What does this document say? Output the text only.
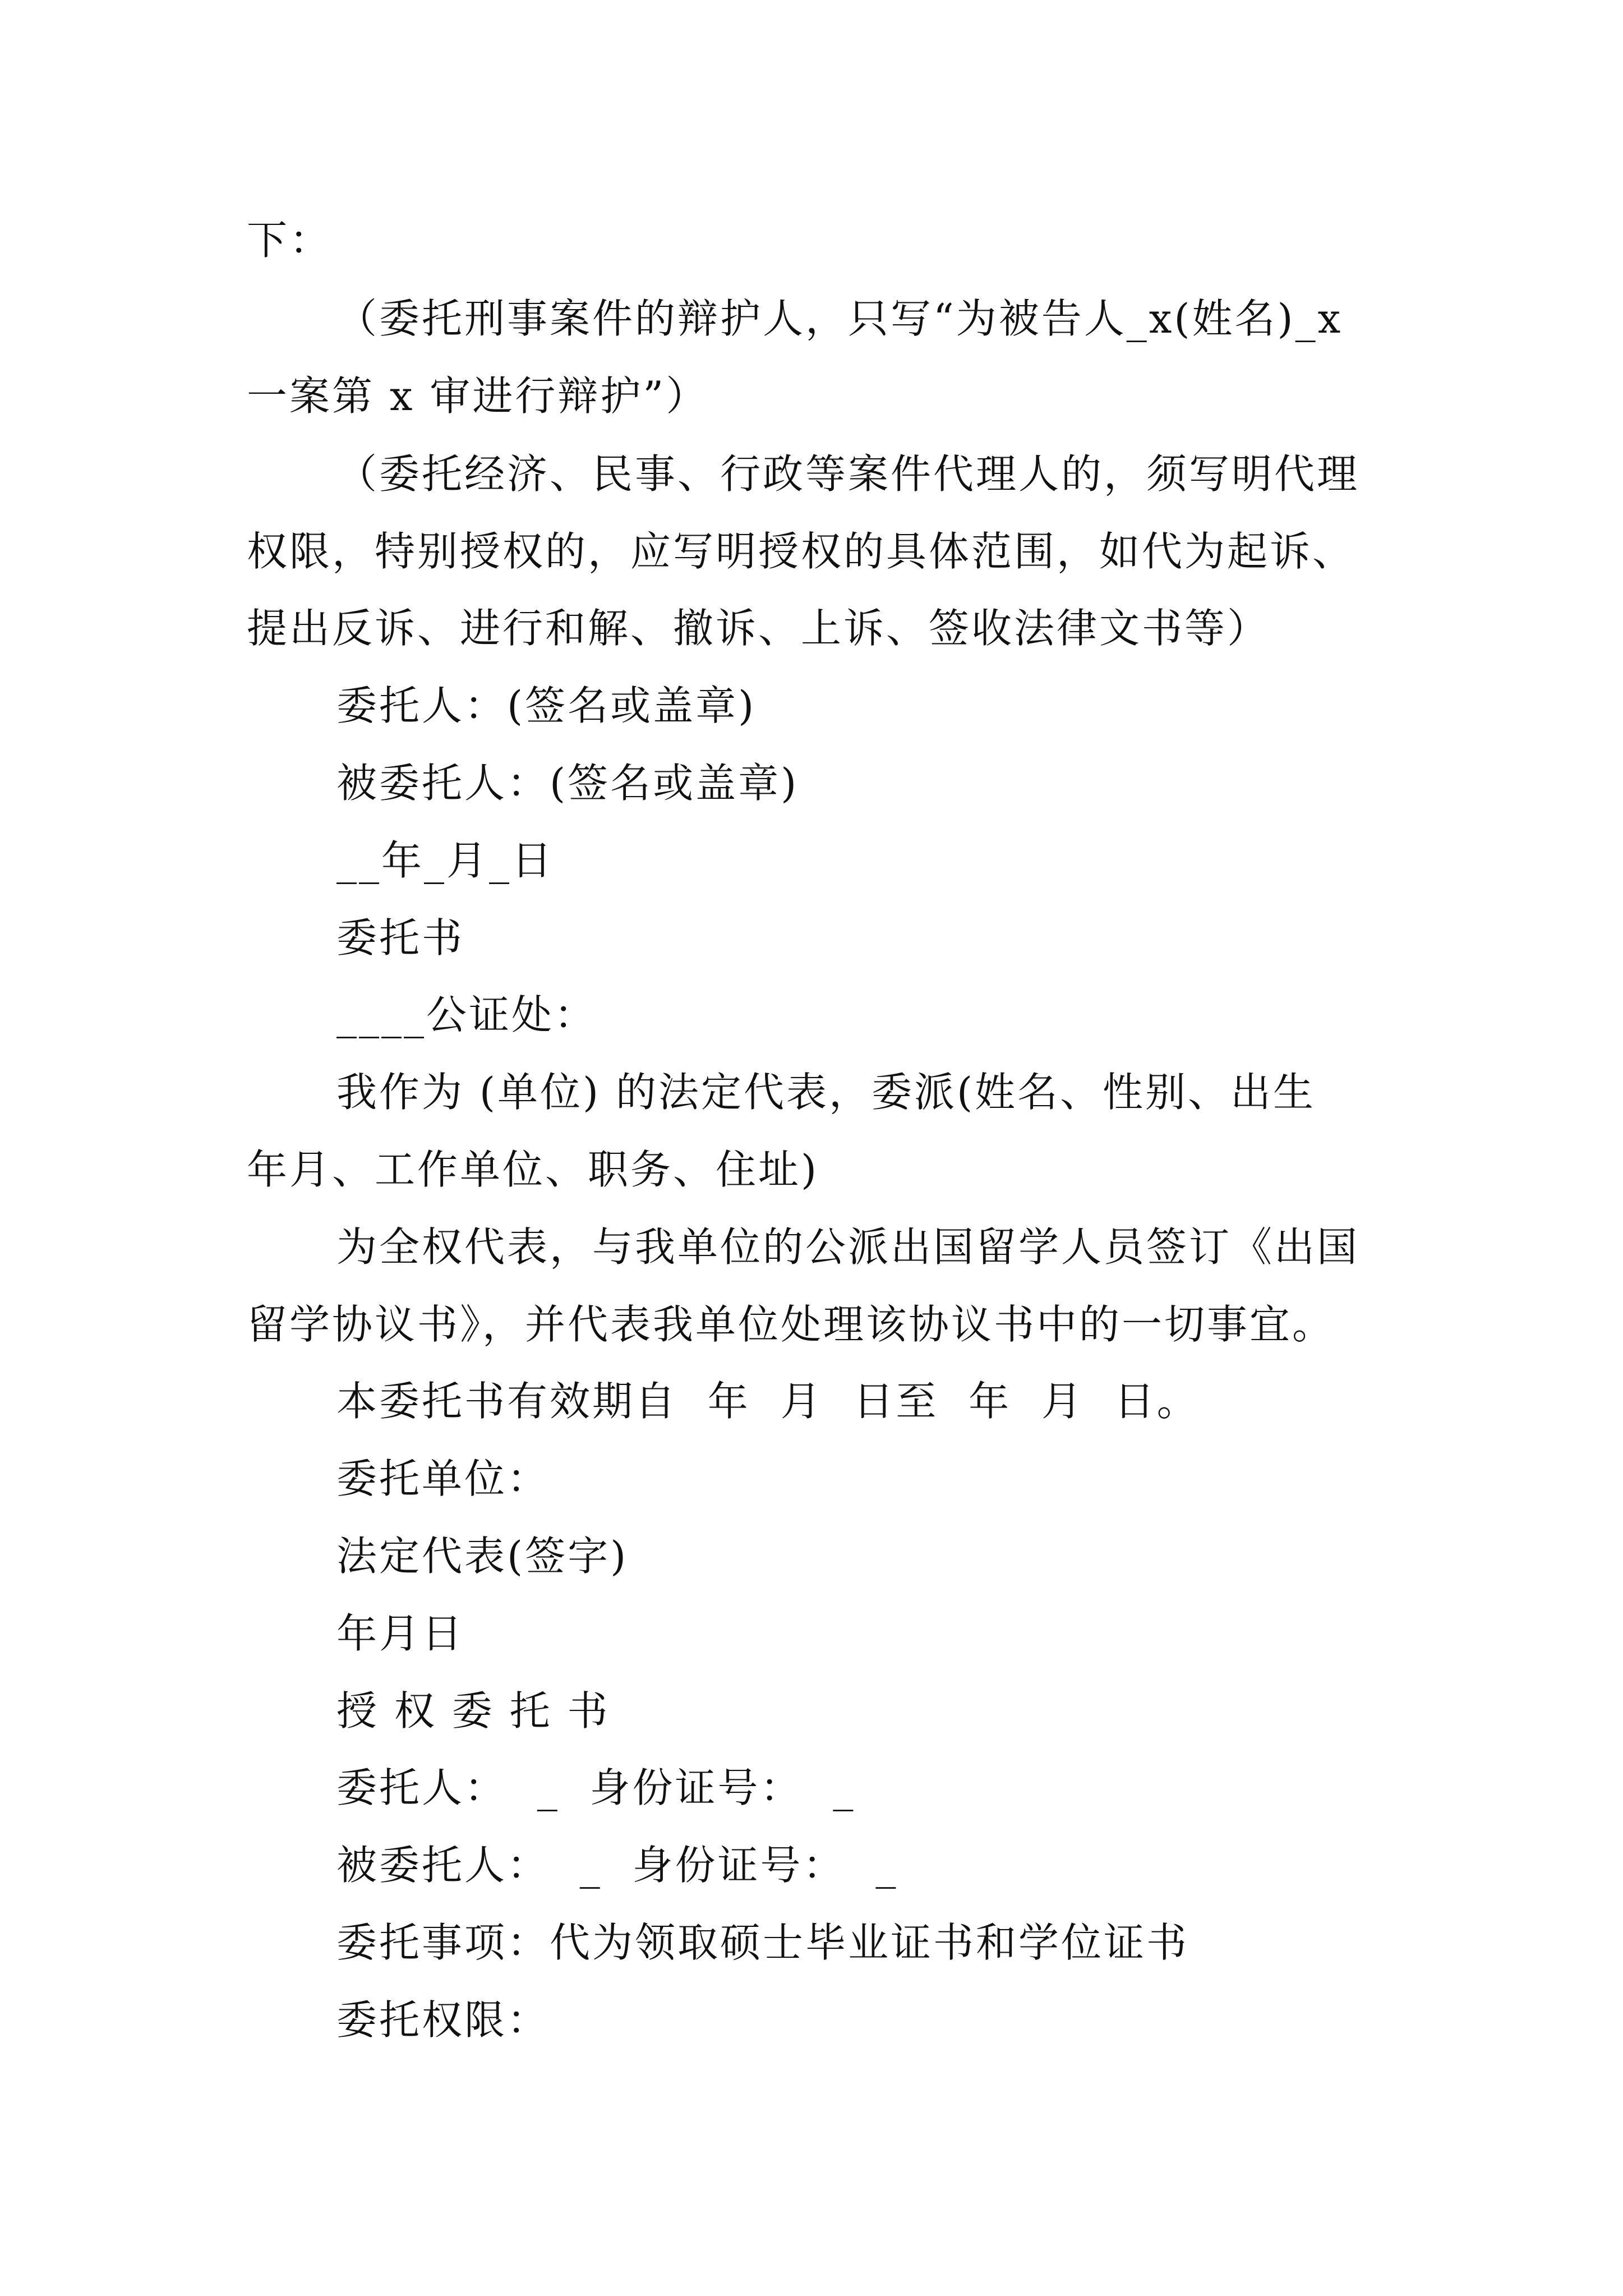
下：
（委托刑事案件的辩护人，只写“为被告人_x(姓名)_x
一案第 x 审进行辩护”）
（委托经济、民事、行政等案件代理人的，须写明代理
权限，特别授权的，应写明授权的具体范围，如代为起诉、
提出反诉、进行和解、撤诉、上诉、签收法律文书等）
委托人：(签名或盖章)
被委托人：(签名或盖章)
__年_月_日
委托书
____公证处：
我作为 (单位) 的法定代表，委派(姓名、性别、出生
年月、工作单位、职务、住址)
为全权代表，与我单位的公派出国留学人员签订《出国
留学协议书》，并代表我单位处理该协议书中的一切事宜。
本委托书有效期自  年  月  日至  年  月  日。
委托单位：
法定代表(签字)
年月日
授 权 委 托 书
委托人：  _  身份证号：  _
被委托人：  _  身份证号：  _
委托事项：代为领取硕士毕业证书和学位证书
委托权限：
